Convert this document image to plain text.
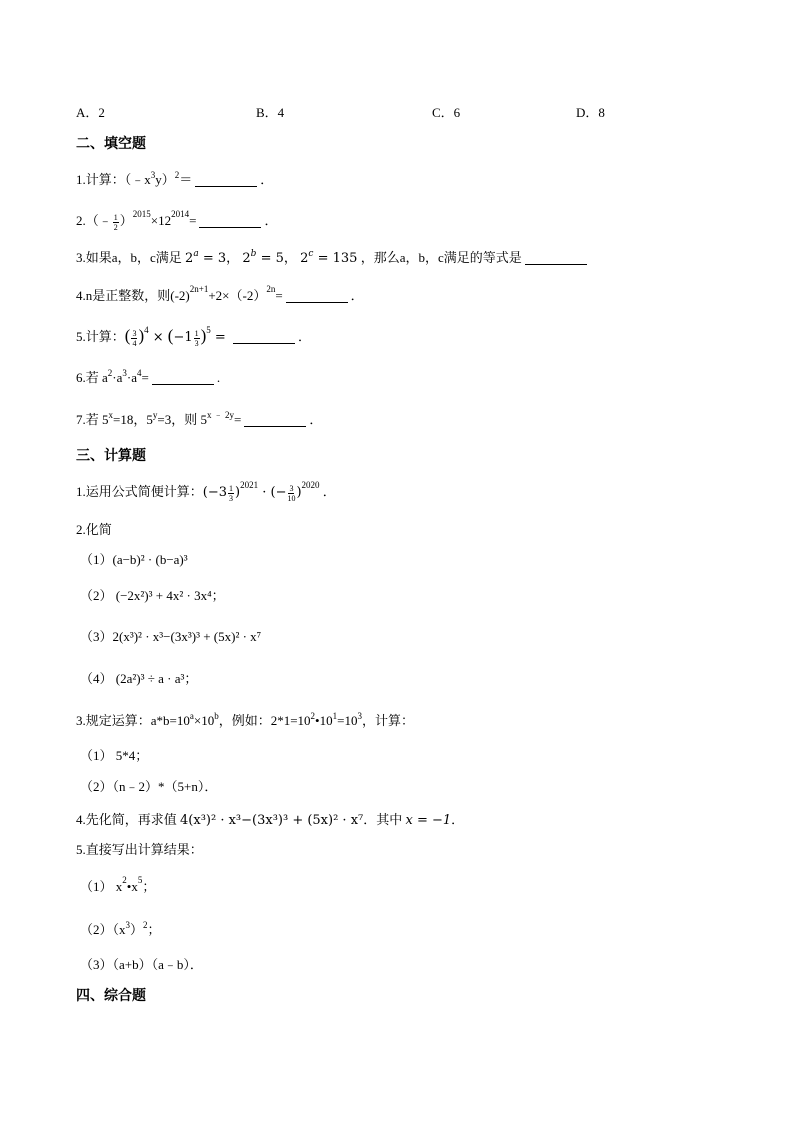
A．2	B．4	C．6	D．8
二、填空题
1.计算：$(﹣x^3y)^2=$	．
2.（﹣ $\frac{1}{2} )^{2015}\times 12^{2014}=$	．
3.如果a，b，c满足 $2^a = 3$， $2^b = 5$， $2^c = 135$ ，那么a，b，c满足的等式是
4.n是正整数，则$(-2)^{2n+1}+2\times(-2)^{2n}=$	．
5.计算：( $\frac{3}{4} )^4 \times (-1 \frac{1}{3} )^5$ =	．
6.若 $a^2\cdot a^3\cdot a^4=$	.
7.若 $5^x=18$，$5^y=3$，则 $5^{x ﹣ 2y}=$	．
三、计算题
1.运用公式简便计算：$(-3 \frac{1}{3} )^{2021}$ · (− $\frac{3}{10} )^{2020}$ ．
2.化简
（1）(a−b)² · (b−a)³
（2） (−2x²)³ + 4x² · 3x⁴；
（3）2(x³)² · x³−(3x³)³ + (5x)² · x⁷
（4） (2a²)³ ÷ a · a³；
3.规定运算：$a*b=10^a\times 10^b$，例如：$2*1=10^2•10^1=10^3$，计算：
（1） 5*4；
（2）（n﹣2）*（5+n）．
4.先化简，再求值 4(x³)² · x³−(3x³)³ + (5x)² · x⁷．其中 x = −1．
5.直接写出计算结果：
（1） $x^2•x^5$；
$(2)(x^3)^2$；
（3）（a+b）（a﹣b）．
四、综合题
